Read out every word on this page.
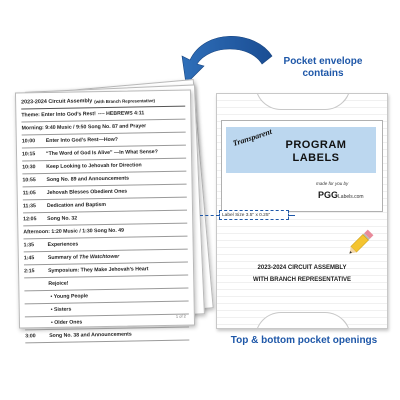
Pocket envelope contains
2023-2024 Circuit Assembly (with Branch Representative)
Theme: Enter Into God’s Rest! ---- HEBREWS 4:11
Morning: 9:40 Music / 9:50 Song No. 87 and Prayer
10:00	Enter Into God’s Rest—How?
10:15	“The Word of God Is Alive” —In What Sense?
10:30	Keep Looking to Jehovah for Direction
10:55	Song No. 89 and Announcements
11:05	Jehovah Blesses Obedient Ones
11:35	Dedication and Baptism
12:05	Song No. 32
Afternoon: 1:20 Music / 1:30 Song No. 49
1:35	Experiences
1:45	Summary of
The Watchtower
2:15	Symposium: They Make Jehovah’s Heart
Rejoice!
• Young People
• Sisters
• Older Ones
3:00	Song No. 38 and Announcements
1 of 2
Transparent	PROGRAM
LABELS
made for you by
PGGLabels.com
2023-2024 CIRCUIT ASSEMBLY
WITH BRANCH REPRESENTATIVE
Label Size 3.5" x 0.25"
Top & bottom pocket openings
